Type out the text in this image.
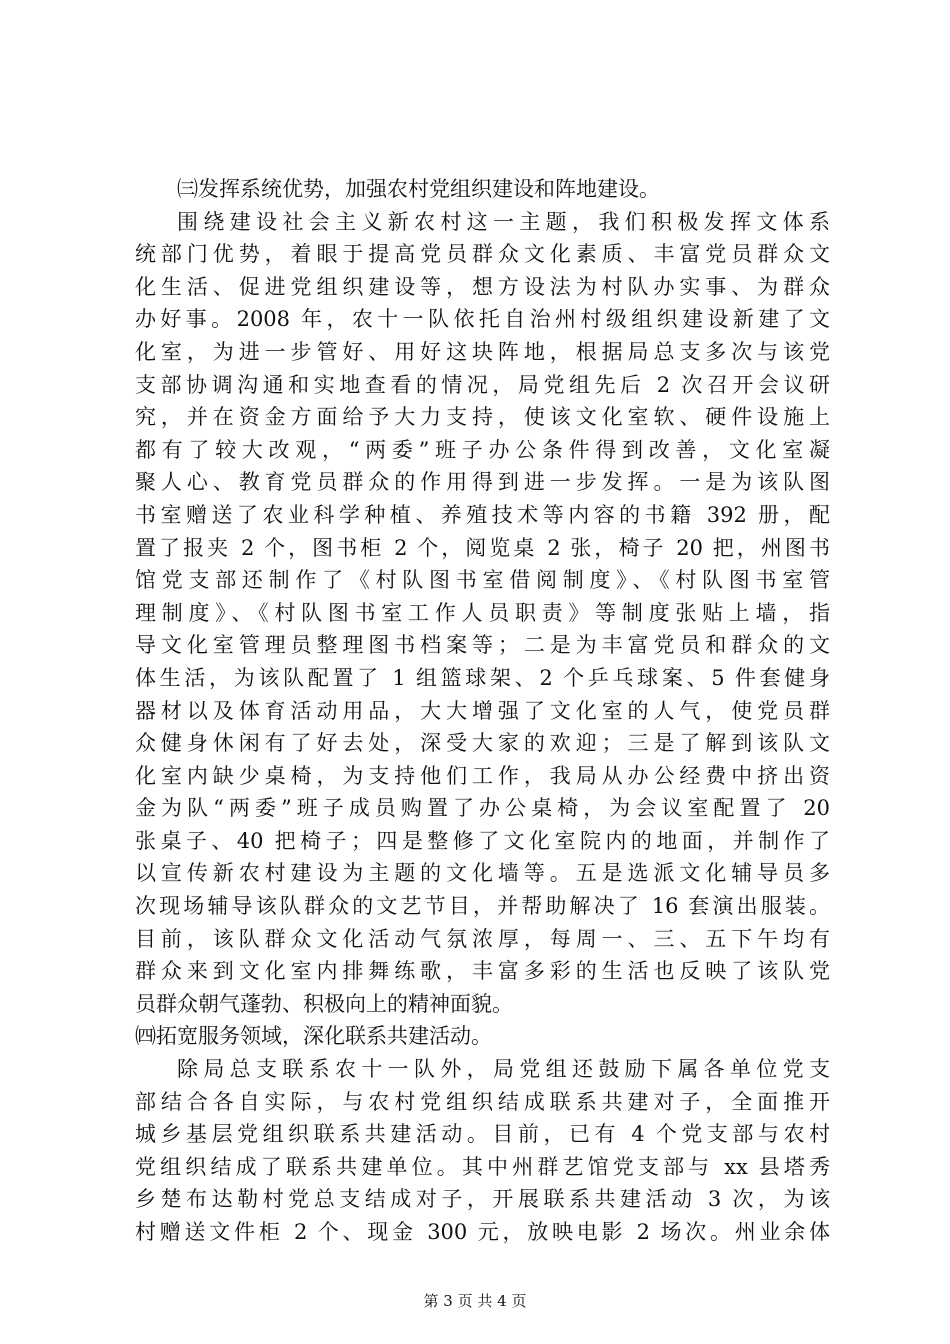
㈢发挥系统优势，加强农村党组织建设和阵地建设。
围绕建设社会主义新农村这一主题，我们积极发挥文体系
统部门优势，着眼于提高党员群众文化素质、丰富党员群众文
化生活、促进党组织建设等，想方设法为村队办实事、为群众
办好事。2008 年，农十一队依托自治州村级组织建设新建了文
化室，为进一步管好、用好这块阵地，根据局总支多次与该党
支部协调沟通和实地查看的情况，局党组先后 2 次召开会议研
究，并在资金方面给予大力支持，使该文化室软、硬件设施上
都有了较大改观，“两委”班子办公条件得到改善，文化室凝
聚人心、教育党员群众的作用得到进一步发挥。一是为该队图
书室赠送了农业科学种植、养殖技术等内容的书籍 392 册，配
置了报夹 2 个，图书柜 2 个，阅览桌 2 张，椅子 20 把，州图书
馆党支部还制作了《村队图书室借阅制度》、《村队图书室管
理制度》、《村队图书室工作人员职责》等制度张贴上墙，指
导文化室管理员整理图书档案等；二是为丰富党员和群众的文
体生活，为该队配置了 1 组篮球架、2 个乒乓球案、5 件套健身
器材以及体育活动用品，大大增强了文化室的人气，使党员群
众健身休闲有了好去处，深受大家的欢迎；三是了解到该队文
化室内缺少桌椅，为支持他们工作，我局从办公经费中挤出资
金为队“两委”班子成员购置了办公桌椅，为会议室配置了 20
张桌子、40 把椅子；四是整修了文化室院内的地面，并制作了
以宣传新农村建设为主题的文化墙等。五是选派文化辅导员多
次现场辅导该队群众的文艺节目，并帮助解决了 16 套演出服装。
目前，该队群众文化活动气氛浓厚，每周一、三、五下午均有
群众来到文化室内排舞练歌，丰富多彩的生活也反映了该队党
员群众朝气蓬勃、积极向上的精神面貌。
㈣拓宽服务领域，深化联系共建活动。
除局总支联系农十一队外，局党组还鼓励下属各单位党支
部结合各自实际，与农村党组织结成联系共建对子，全面推开
城乡基层党组织联系共建活动。目前，已有 4 个党支部与农村
党组织结成了联系共建单位。其中州群艺馆党支部与 xx 县塔秀
乡楚布达勒村党总支结成对子，开展联系共建活动 3 次，为该
村赠送文件柜 2 个、现金 300 元，放映电影 2 场次。州业余体
第 3 页 共 4 页
